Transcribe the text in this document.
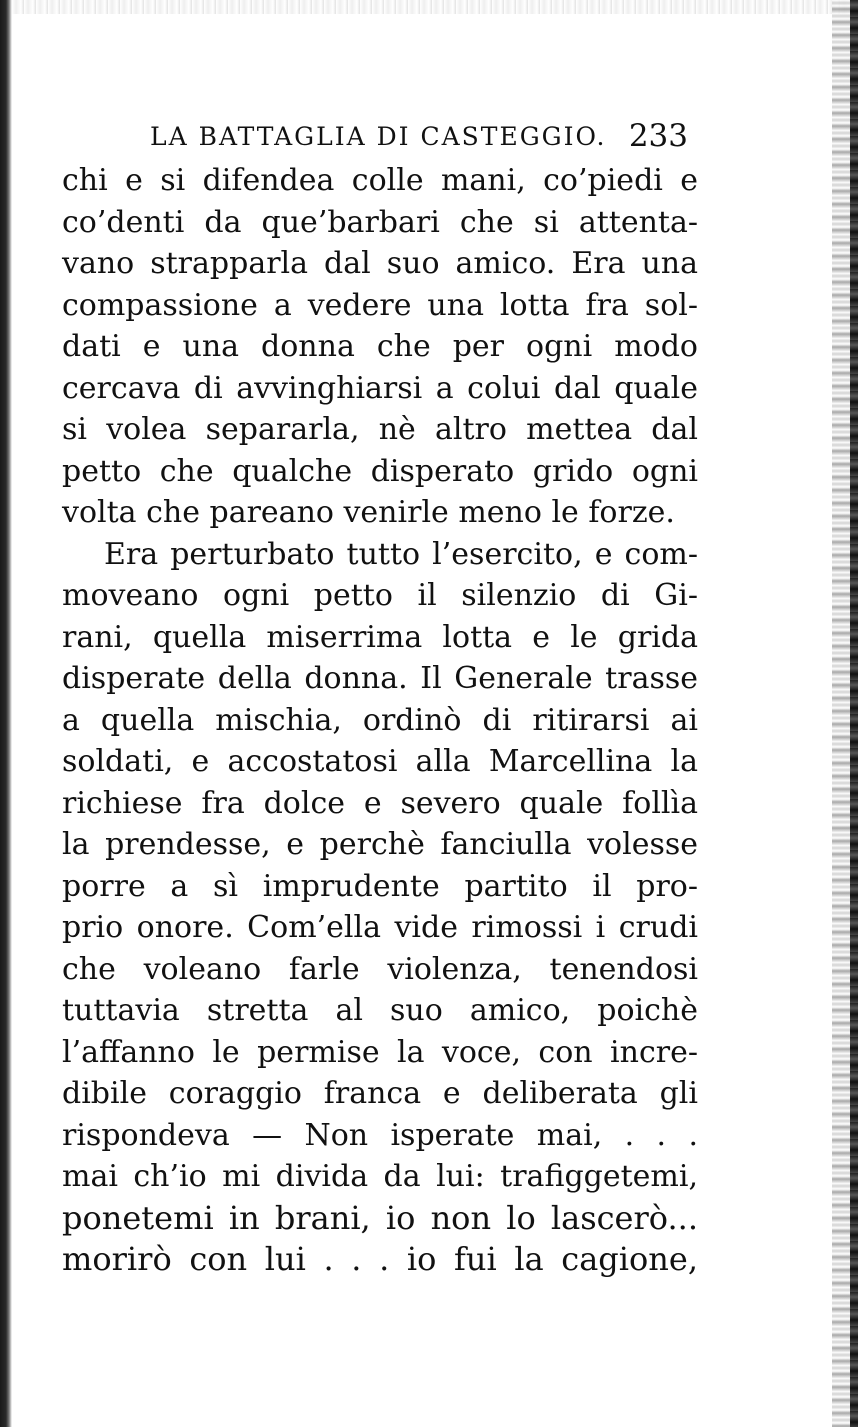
LA BATTAGLIA DI CASTEGGIO. 233
chi e si difendea colle mani, co’piedi e
co’denti da que’barbari che si attenta-
vano strapparla dal suo amico. Era una
compassione a vedere una lotta fra sol-
dati e una donna che per ogni modo
cercava di avvinghiarsi a colui dal quale
si volea separarla, nè altro mettea dal
petto che qualche disperato grido ogni
volta che pareano venirle meno le forze.
Era perturbato tutto l’esercito, e com-
moveano ogni petto il silenzio di Gi-
rani, quella miserrima lotta e le grida
disperate della donna. Il Generale trasse
a quella mischia, ordinò di ritirarsi ai
soldati, e accostatosi alla Marcellina la
richiese fra dolce e severo quale follìa
la prendesse, e perchè fanciulla volesse
porre a sì imprudente partito il pro-
prio onore. Com’ella vide rimossi i crudi
che voleano farle violenza, tenendosi
tuttavia stretta al suo amico, poichè
l’affanno le permise la voce, con incre-
dibile coraggio franca e deliberata gli
rispondeva — Non isperate mai, . . .
mai ch’io mi divida da lui: trafiggetemi,
ponetemi in brani, io non lo lascerò...
morirò con lui . . . io fui la cagione,
